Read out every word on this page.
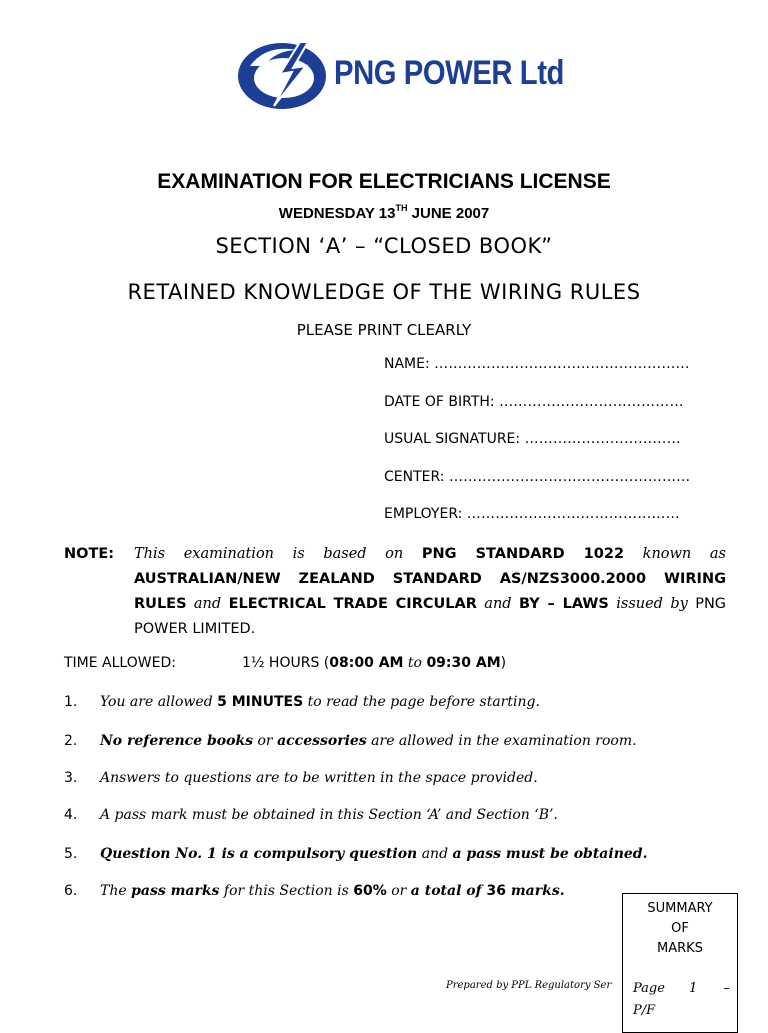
PNG POWER Ltd
EXAMINATION FOR ELECTRICIANS LICENSE
WEDNESDAY 13TH JUNE 2007
SECTION ‘A’ – “CLOSED BOOK”
RETAINED KNOWLEDGE OF THE WIRING RULES
PLEASE PRINT CLEARLY
NAME: ………………………………………………
DATE OF BIRTH: …………………………………
USUAL SIGNATURE: ……………………………
CENTER: ……………………………………………
EMPLOYER: ………………………………………
NOTE: This examination is based on PNG STANDARD 1022 known as AUSTRALIAN/NEW ZEALAND STANDARD AS/NZS3000.2000 WIRING RULES and ELECTRICAL TRADE CIRCULAR and BY – LAWS issued by PNG POWER LIMITED.
TIME ALLOWED:	1½ HOURS (08:00 AM to 09:30 AM)
1. You are allowed 5 MINUTES to read the page before starting.
2. No reference books or accessories are allowed in the examination room.
3. Answers to questions are to be written in the space provided.
4. A pass mark must be obtained in this Section ‘A’ and Section ‘B’.
5. Question No. 1 is a compulsory question and a pass must be obtained.
6. The pass marks for this Section is 60% or a total of 36 marks.
SUMMARY
OF
MARKS
Page 1 –
P/F
Prepared by PPL Regulatory Ser
